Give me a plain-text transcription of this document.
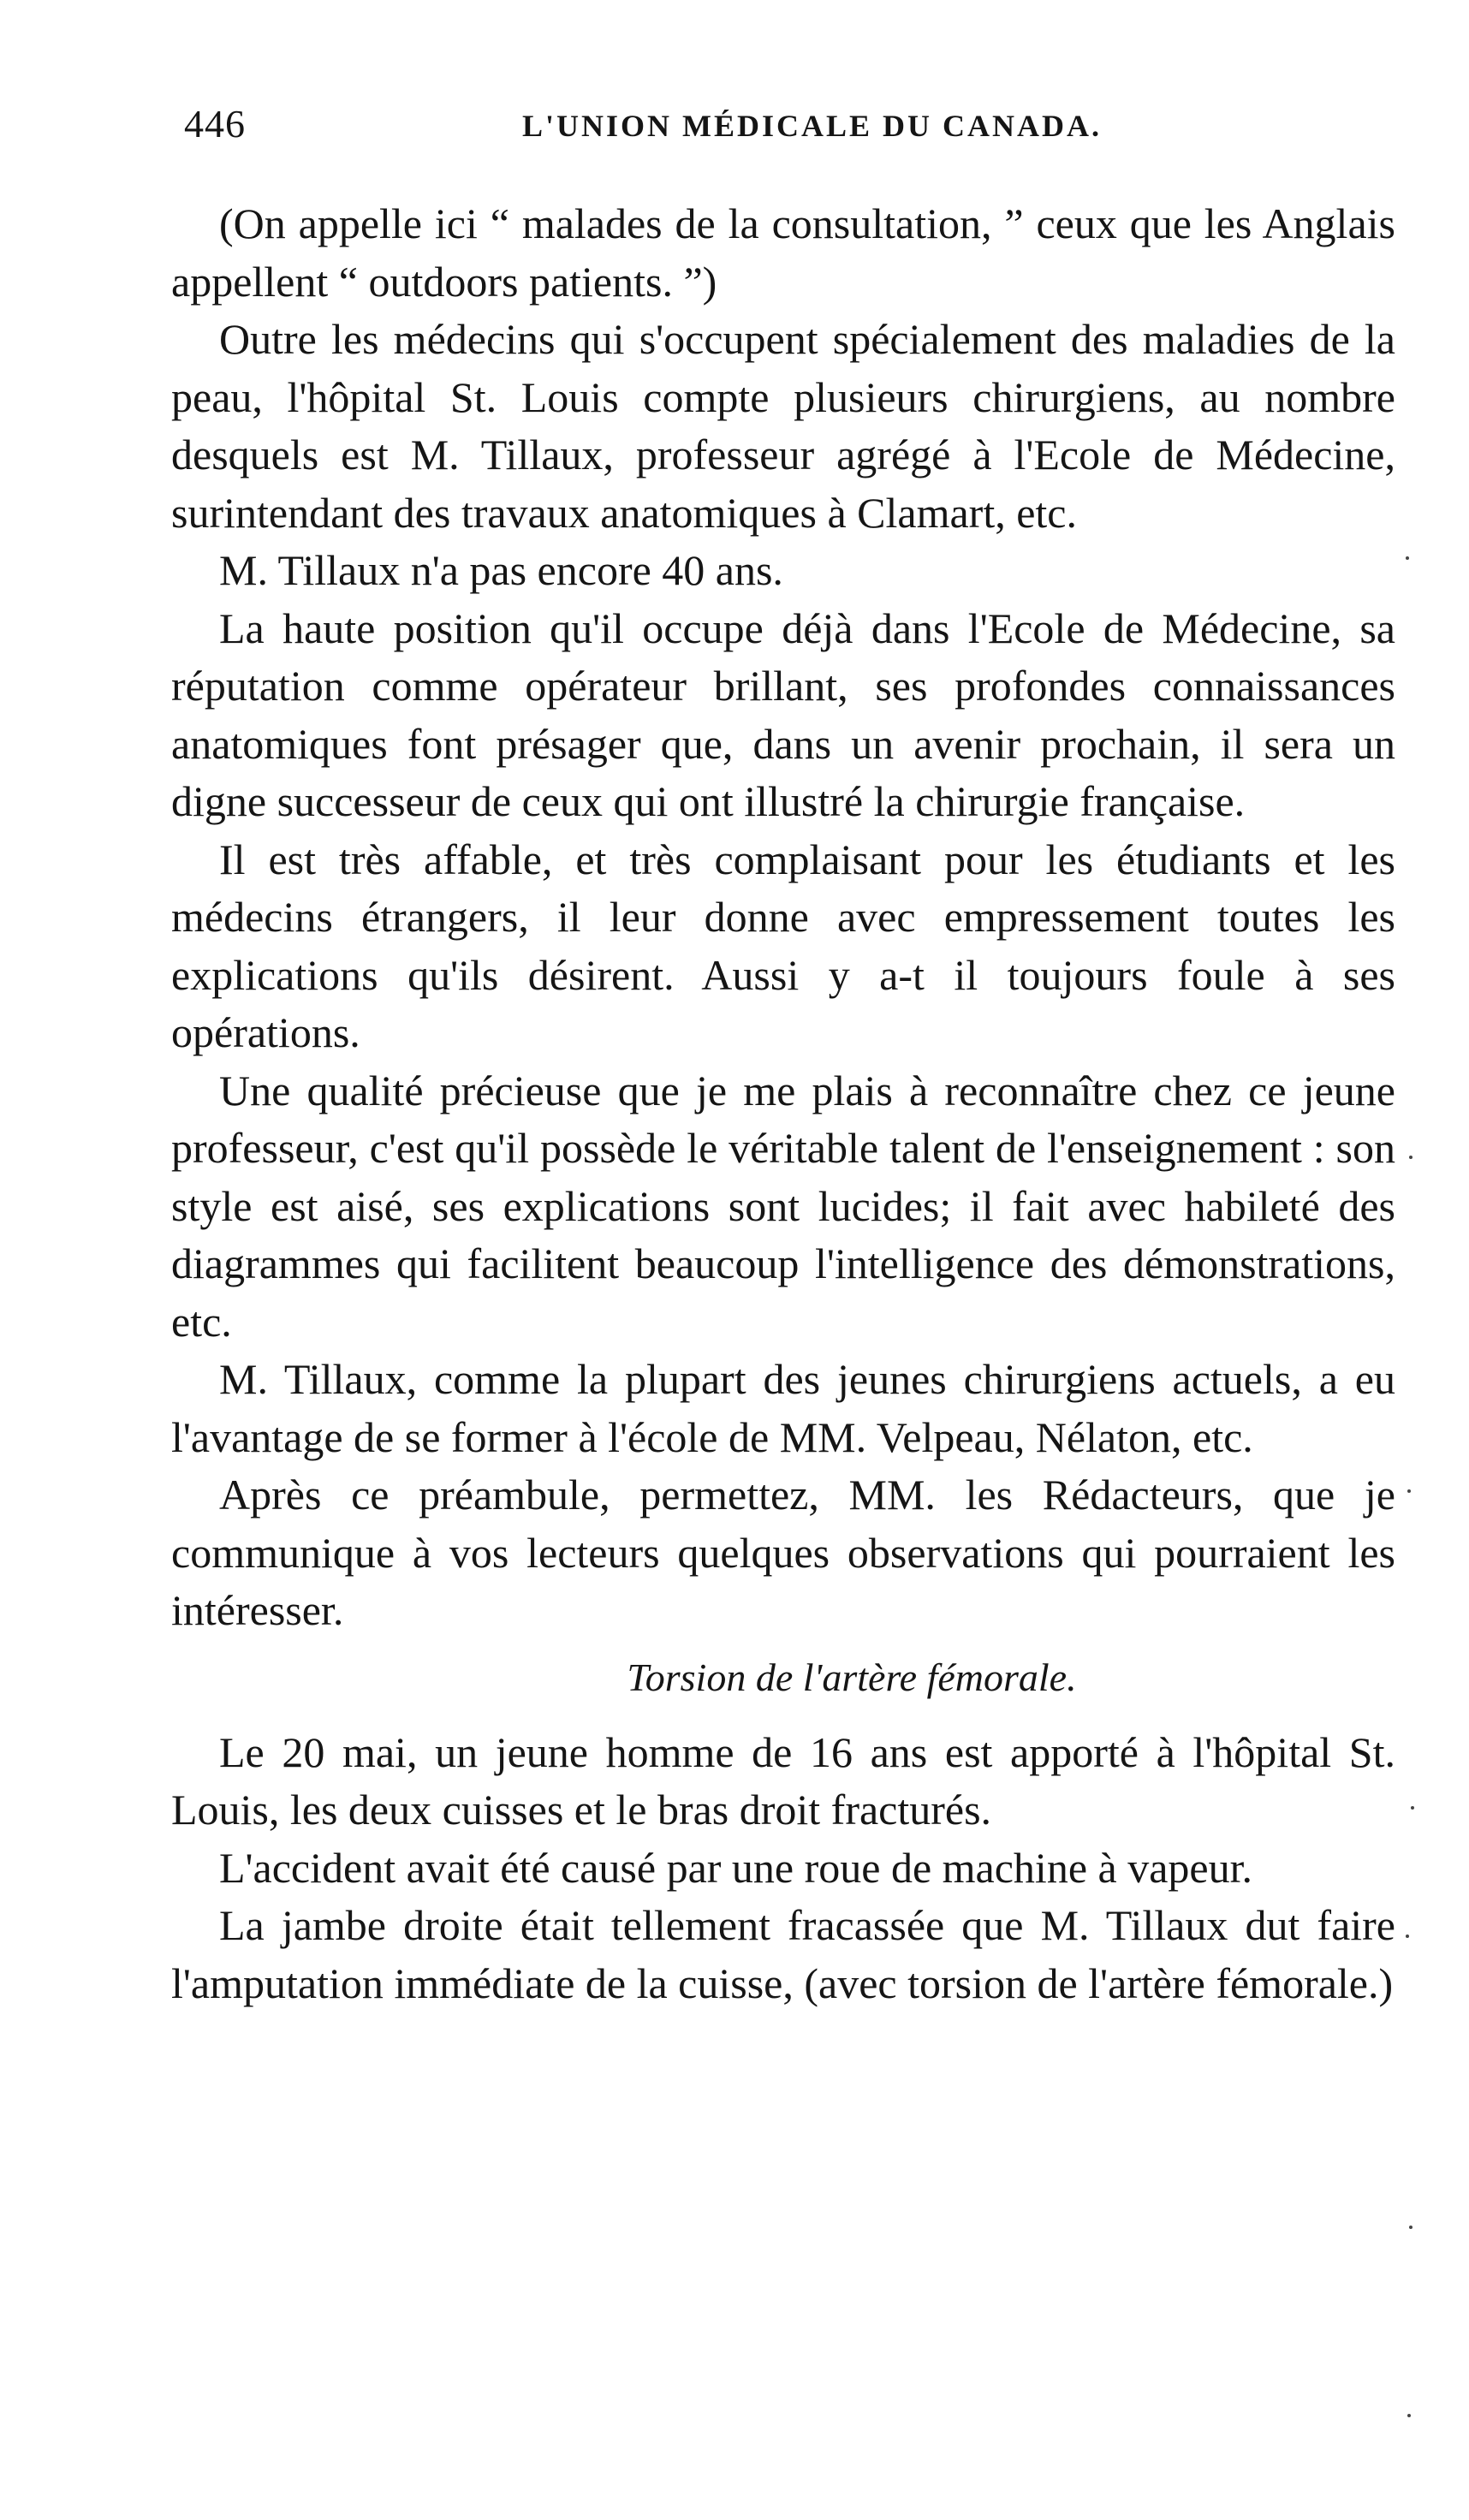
446	L'UNION MÉDICALE DU CANADA.

(On appelle ici “ malades de la consultation, ” ceux que les Anglais appellent “ outdoors patients. ”)

Outre les médecins qui s'occupent spécialement des maladies de la peau, l'hôpital St. Louis compte plusieurs chirurgiens, au nombre desquels est M. Tillaux, professeur agrégé à l'Ecole de Médecine, surintendant des travaux anatomiques à Clamart, etc.

M. Tillaux n'a pas encore 40 ans.

La haute position qu'il occupe déjà dans l'Ecole de Médecine, sa réputation comme opérateur brillant, ses profondes connaissances anatomiques font présager que, dans un avenir prochain, il sera un digne successeur de ceux qui ont illustré la chirurgie française.

Il est très affable, et très complaisant pour les étudiants et les médecins étrangers, il leur donne avec empressement toutes les explications qu'ils désirent. Aussi y a-t il toujours foule à ses opérations.

Une qualité précieuse que je me plais à reconnaître chez ce jeune professeur, c'est qu'il possède le véritable talent de l'enseignement : son style est aisé, ses explications sont lucides; il fait avec habileté des diagrammes qui facilitent beaucoup l'intelligence des démonstrations, etc.

M. Tillaux, comme la plupart des jeunes chirurgiens actuels, a eu l'avantage de se former à l'école de MM. Velpeau, Nélaton, etc.

Après ce préambule, permettez, MM. les Rédacteurs, que je communique à vos lecteurs quelques observations qui pourraient les intéresser.

Torsion de l'artère fémorale.

Le 20 mai, un jeune homme de 16 ans est apporté à l'hôpital St. Louis, les deux cuisses et le bras droit fracturés.

L'accident avait été causé par une roue de machine à vapeur.

La jambe droite était tellement fracassée que M. Tillaux dut faire l'amputation immédiate de la cuisse, (avec torsion de l'artère fémorale.)
